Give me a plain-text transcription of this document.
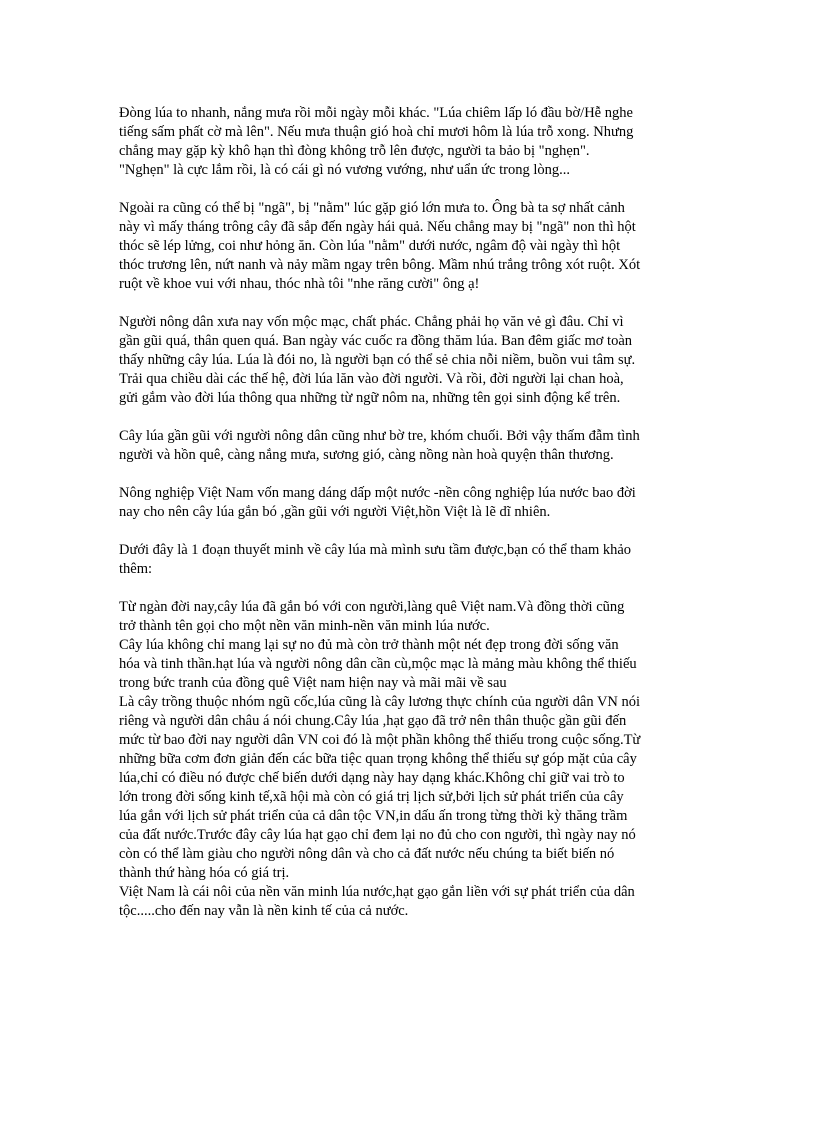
Đòng lúa to nhanh, nắng mưa rồi mỗi ngày mỗi khác. "Lúa chiêm lấp ló đầu bờ/Hễ nghe
tiếng sấm phất cờ mà lên". Nếu mưa thuận gió hoà chỉ mươi hôm là lúa trỗ xong. Nhưng
chẳng may gặp kỳ khô hạn thì đòng không trỗ lên được, người ta bảo bị "nghẹn".
"Nghẹn" là cực lắm rồi, là có cái gì nó vương vướng, như uẩn ức trong lòng...
Ngoài ra cũng có thể bị "ngã", bị "nằm" lúc gặp gió lớn mưa to. Ông bà ta sợ nhất cảnh
này vì mấy tháng trông cây đã sắp đến ngày hái quả. Nếu chẳng may bị "ngã" non thì hột
thóc sẽ lép lửng, coi như hỏng ăn. Còn lúa "nằm" dưới nước, ngâm độ vài ngày thì hột
thóc trương lên, nứt nanh và nảy mầm ngay trên bông. Mầm nhú trắng trông xót ruột. Xót
ruột về khoe vui với nhau, thóc nhà tôi "nhe răng cười" ông ạ!
Người nông dân xưa nay vốn mộc mạc, chất phác. Chẳng phải họ văn vẻ gì đâu. Chỉ vì
gần gũi quá, thân quen quá. Ban ngày vác cuốc ra đồng thăm lúa. Ban đêm giấc mơ toàn
thấy những cây lúa. Lúa là đói no, là người bạn có thể sẻ chia nỗi niềm, buồn vui tâm sự.
Trải qua chiều dài các thế hệ, đời lúa lăn vào đời người. Và rồi, đời người lại chan hoà,
gửi gắm vào đời lúa thông qua những từ ngữ nôm na, những tên gọi sinh động kể trên.
Cây lúa gần gũi với người nông dân cũng như bờ tre, khóm chuối. Bởi vậy thấm đẫm tình
người và hồn quê, càng nắng mưa, sương gió, càng nồng nàn hoà quyện thân thương.
Nông nghiệp Việt Nam vốn mang dáng dấp một nước -nền công nghiệp lúa nước bao đời
nay cho nên cây lúa gắn bó ,gần gũi với người Việt,hồn Việt là lẽ dĩ nhiên.
Dưới đây là 1 đoạn thuyết minh về cây lúa mà mình sưu tầm được,bạn có thể tham khảo
thêm:
Từ ngàn đời nay,cây lúa đã gắn bó với con người,làng quê Việt nam.Và đồng thời cũng
trở thành tên gọi cho một nền văn minh-nền văn minh lúa nước.
Cây lúa không chỉ mang lại sự no đủ mà còn trở thành một nét đẹp trong đời sống văn
hóa và tinh thần.hạt lúa và người nông dân cần cù,mộc mạc là mảng màu không thể thiếu
trong bức tranh của đồng quê Việt nam hiện nay và mãi mãi về sau
Là cây trồng thuộc nhóm ngũ cốc,lúa cũng là cây lương thực chính của người dân VN nói
riêng và người dân châu á nói chung.Cây lúa ,hạt gạo đã trở nên thân thuộc gần gũi đến
mức từ bao đời nay người dân VN coi đó là một phần không thể thiếu trong cuộc sống.Từ
những bữa cơm đơn giản đến các bữa tiệc quan trọng không thể thiếu sự góp mặt của cây
lúa,chỉ có điều nó được chế biến dưới dạng này hay dạng khác.Không chỉ giữ vai trò to
lớn trong đời sống kinh tế,xã hội mà còn có giá trị lịch sử,bởi lịch sử phát triển của cây
lúa gắn với lịch sử phát triển của cả dân tộc VN,in dấu ấn trong từng thời kỳ thăng trầm
của đất nước.Trước đây cây lúa hạt gạo chỉ đem lại no đủ cho con người, thì ngày nay nó
còn có thể làm giàu cho người nông dân và cho cả đất nước nếu chúng ta biết biến nó
thành thứ hàng hóa có giá trị.
Việt Nam là cái nôi của nền văn minh lúa nước,hạt gạo gắn liền với sự phát triển của dân
tộc.....cho đến nay vẫn là nền kinh tế của cả nước.
